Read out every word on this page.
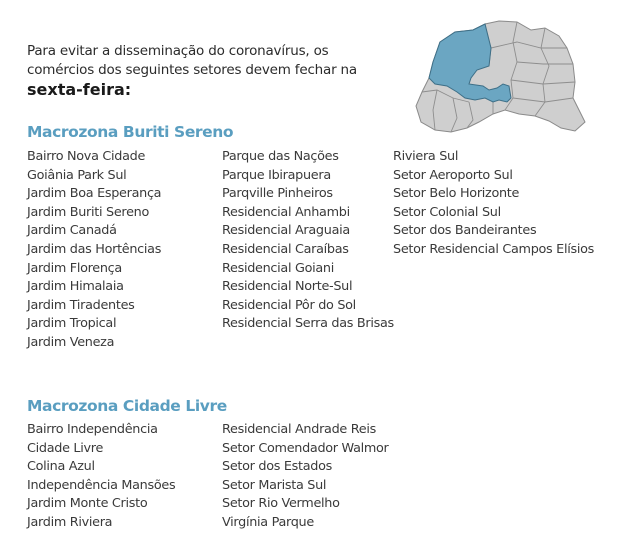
Para evitar a disseminação do coronavírus, os comércios dos seguintes setores devem fechar na sexta-feira:
Macrozona Buriti Sereno
Bairro Nova Cidade
Goiânia Park Sul
Jardim Boa Esperança
Jardim Buriti Sereno
Jardim Canadá
Jardim das Hortências
Jardim Florença
Jardim Himalaia
Jardim Tiradentes
Jardim Tropical
Jardim Veneza
Parque das Nações
Parque Ibirapuera
Parqville Pinheiros
Residencial Anhambi
Residencial Araguaia
Residencial Caraíbas
Residencial Goiani
Residencial Norte-Sul
Residencial Pôr do Sol
Residencial Serra das Brisas
Riviera Sul
Setor Aeroporto Sul
Setor Belo Horizonte
Setor Colonial Sul
Setor dos Bandeirantes
Setor Residencial Campos Elísios
Macrozona Cidade Livre
Bairro Independência
Cidade Livre
Colina Azul
Independência Mansões
Jardim Monte Cristo
Jardim Riviera
Residencial Andrade Reis
Setor Comendador Walmor
Setor dos Estados
Setor Marista Sul
Setor Rio Vermelho
Virgínia Parque
